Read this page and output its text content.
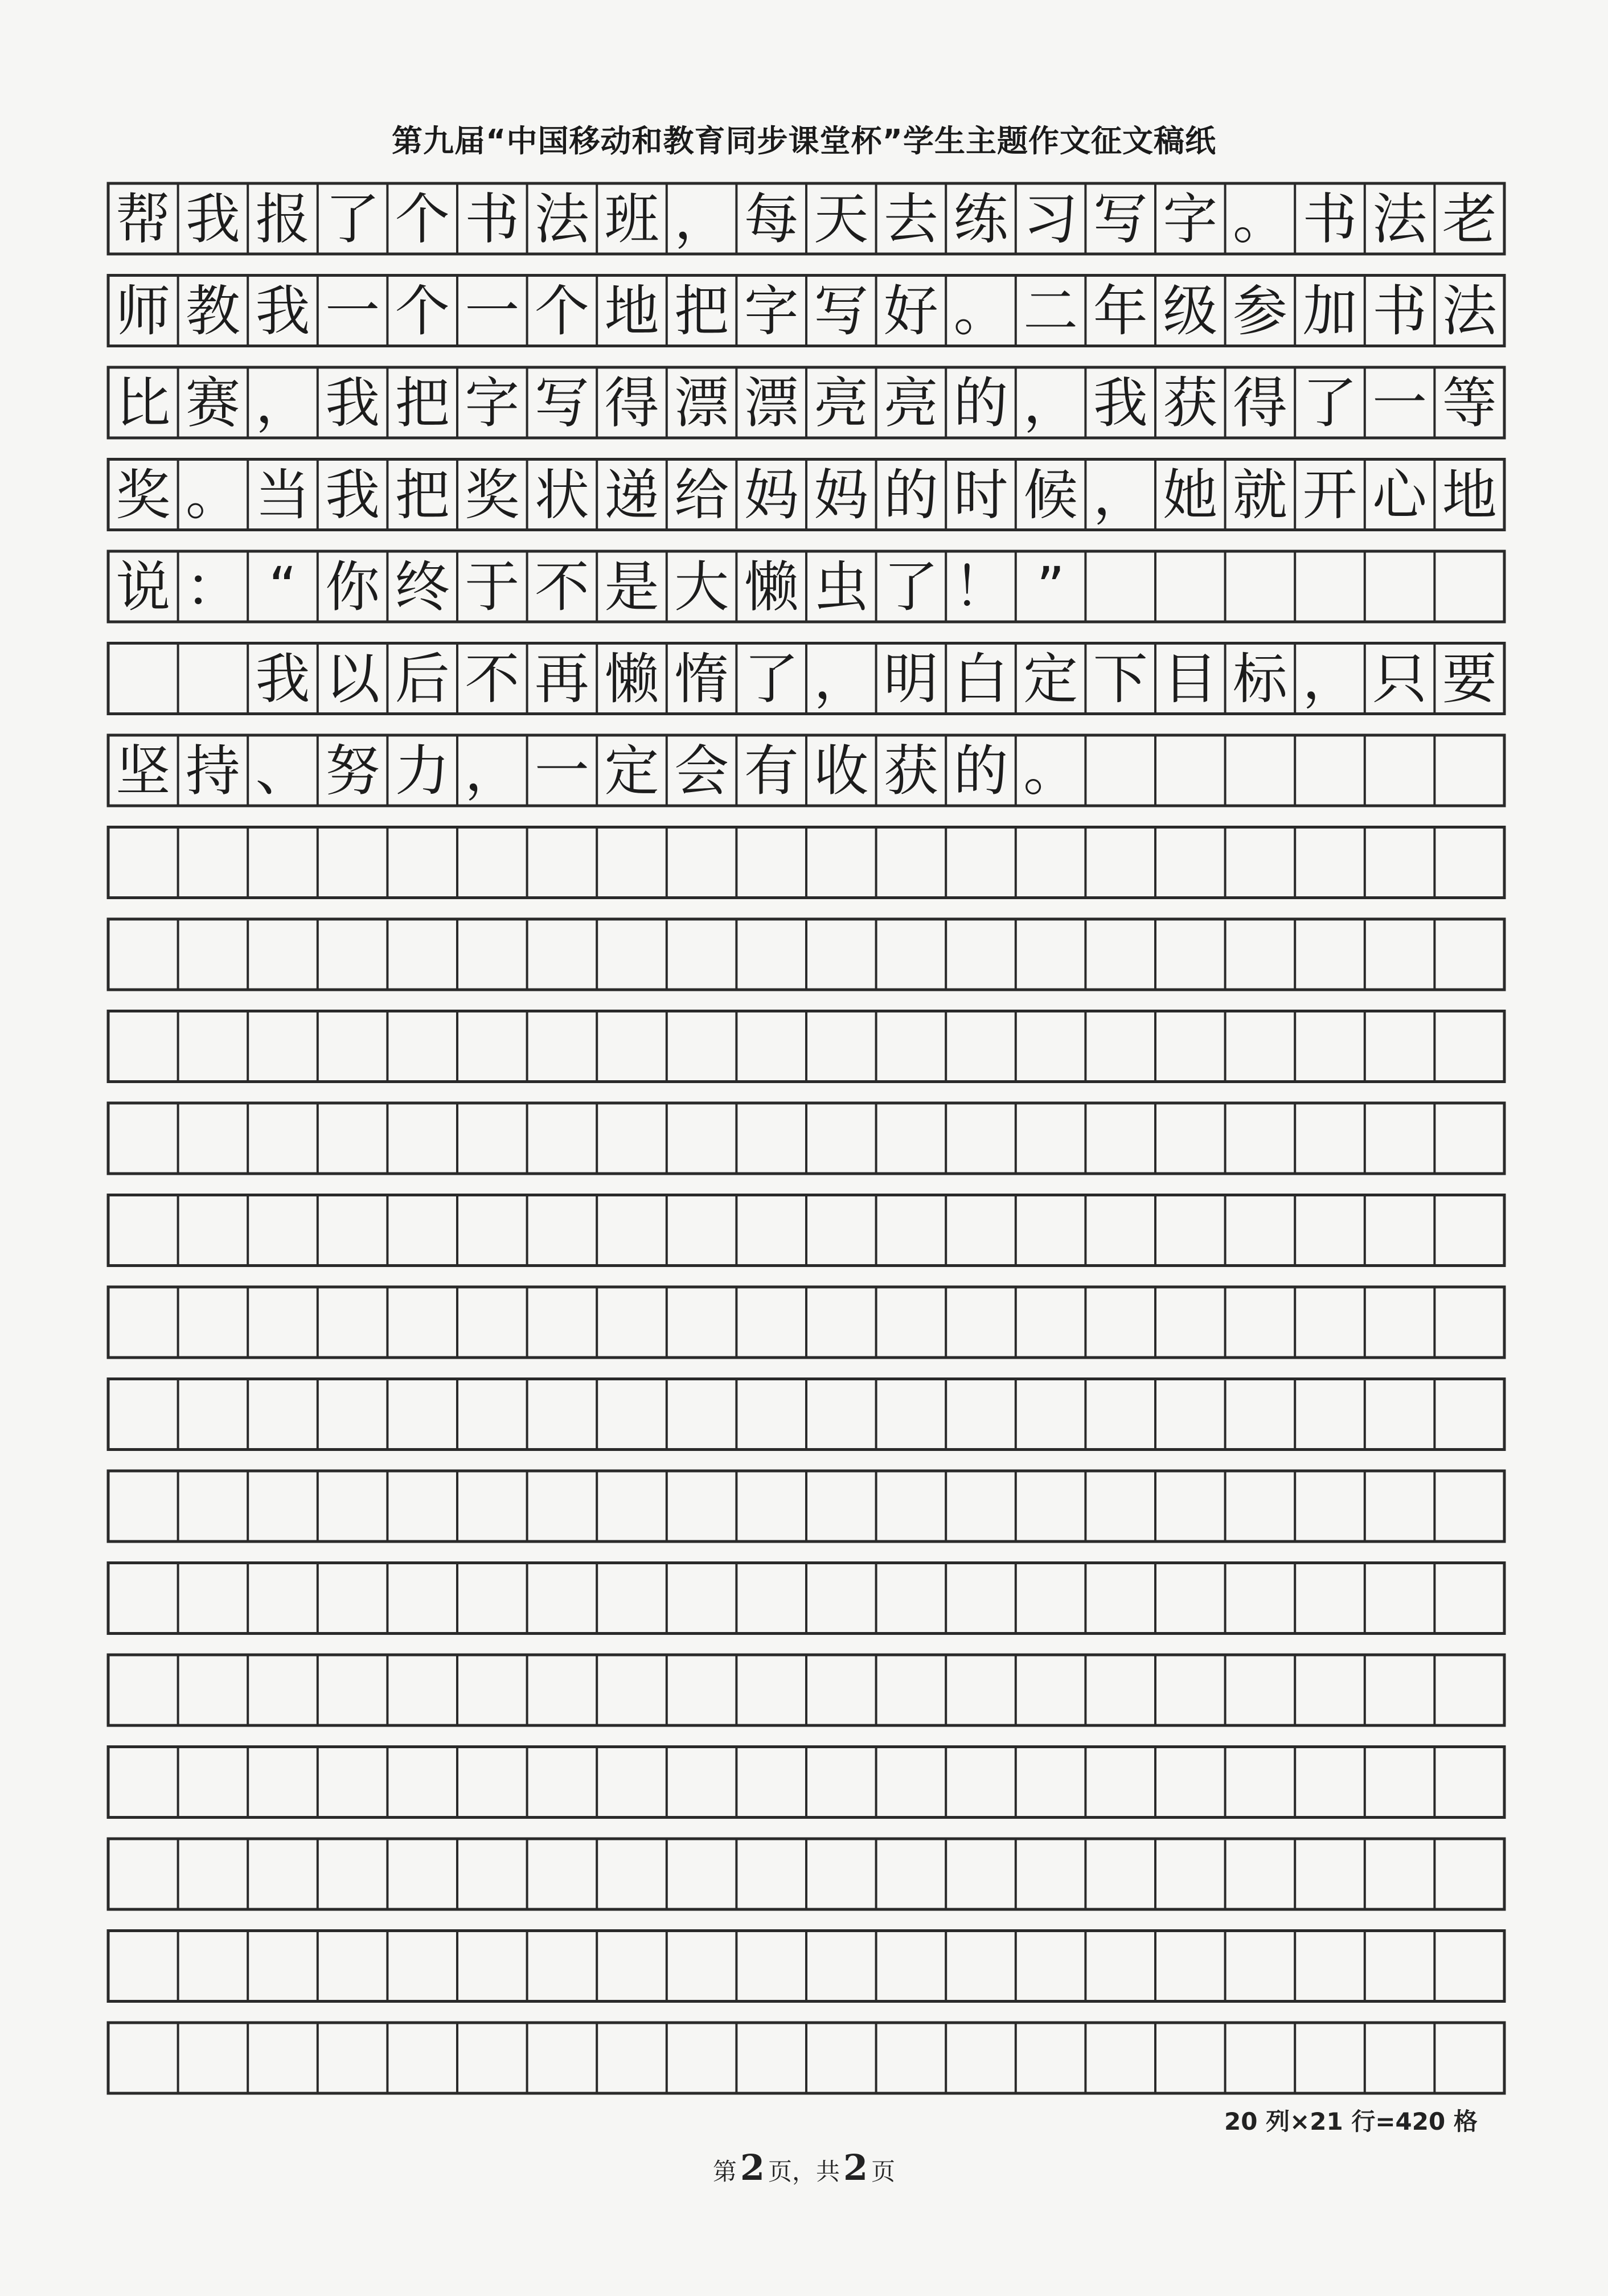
第九届“中国移动和教育同步课堂杯”学生主题作文征文稿纸
帮 我 报 了 个 书 法 班 ， 每 天 去 练 习 写 字 。 书 法 老
师 教 我 一 个 一 个 地 把 字 写 好 。 二 年 级 参 加 书 法
比 赛 ， 我 把 字 写 得 漂 漂 亮 亮 的 ， 我 获 得 了 一 等
奖 。 当 我 把 奖 状 递 给 妈 妈 的 时 候 ， 她 就 开 心 地
说 ： “ 你 终 于 不 是 大 懒 虫 了 ！ ”
我 以 后 不 再 懒 惰 了 ， 明 白 定 下 目 标 ， 只 要
坚 持 、 努 力 ， 一 定 会 有 收 获 的 。
20 列×21 行=420 格
第2 页，共2 页
